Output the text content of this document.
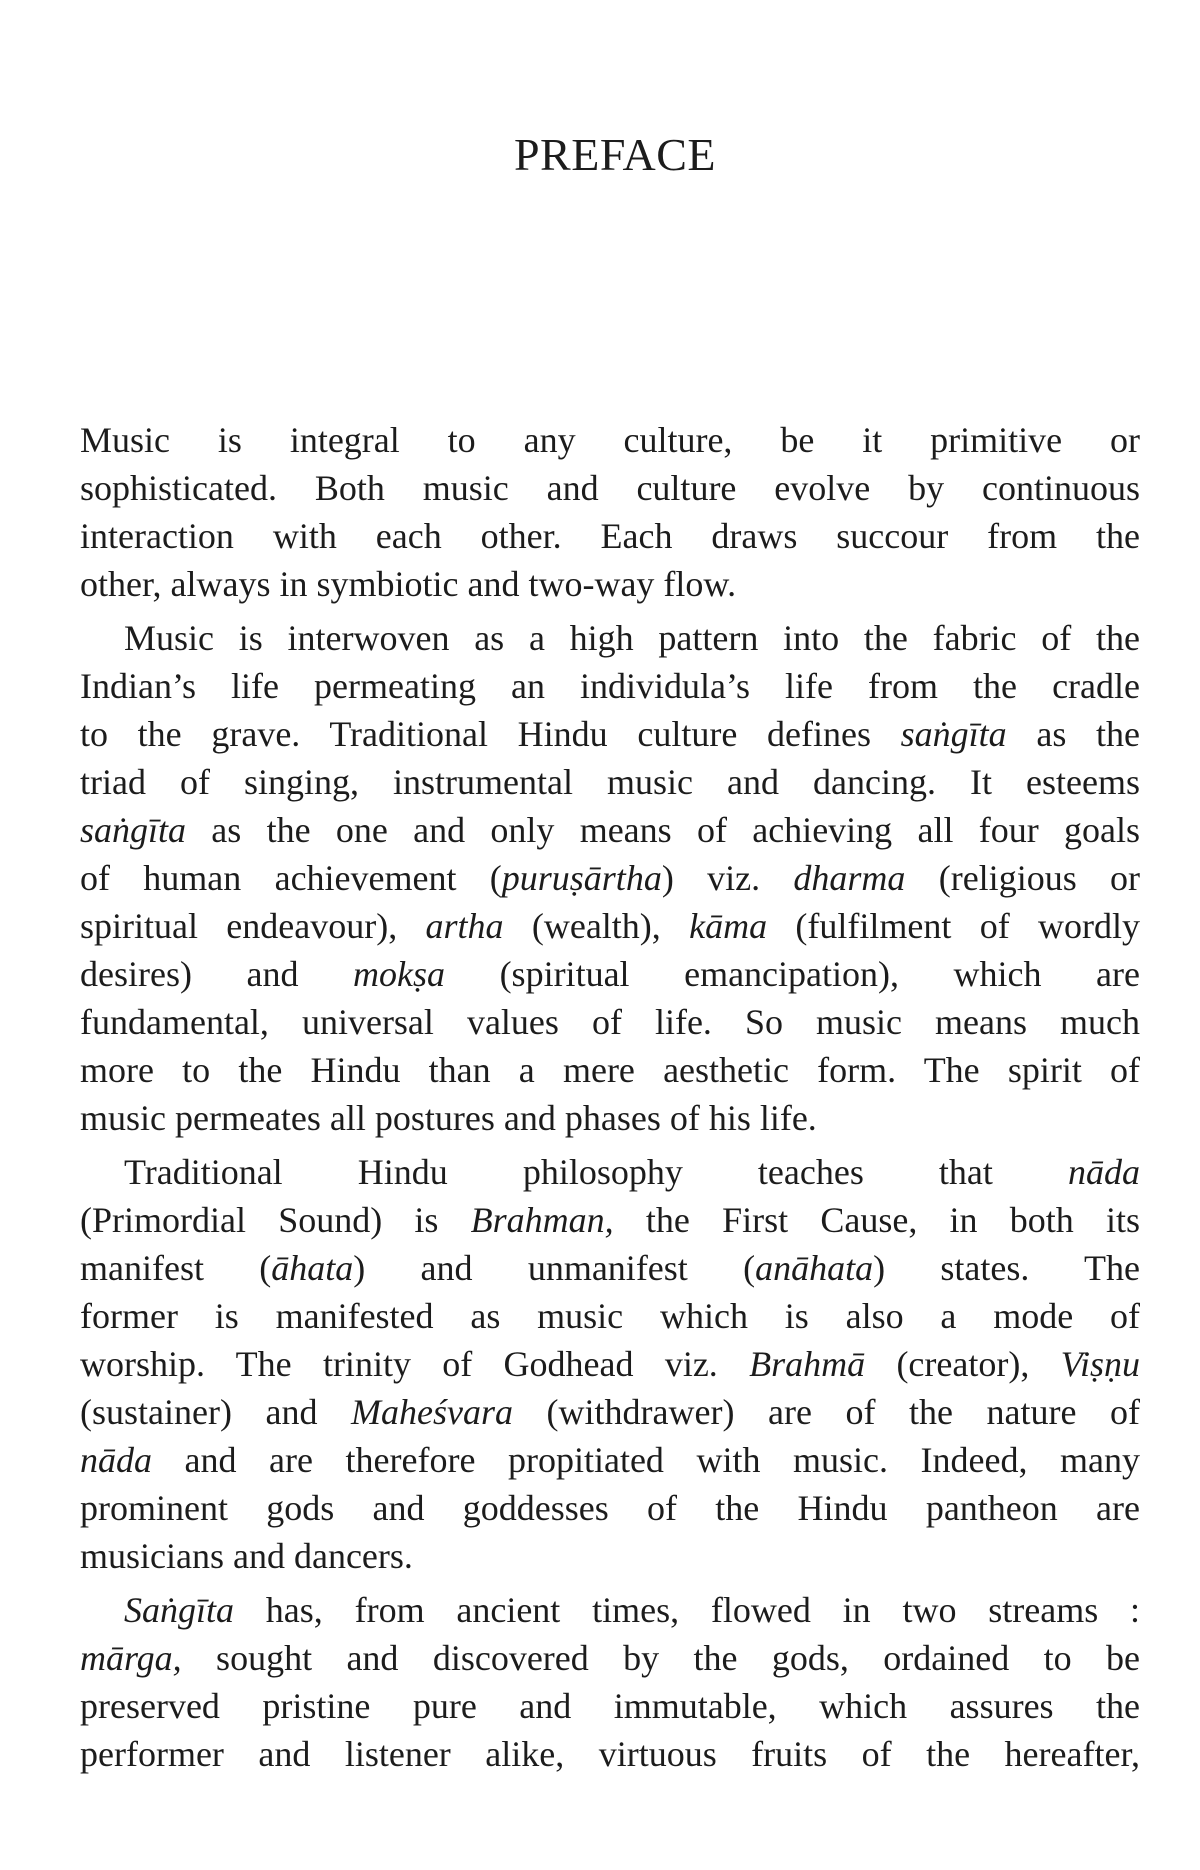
PREFACE

Music is integral to any culture, be it primitive or
sophisticated. Both music and culture evolve by continuous
interaction with each other. Each draws succour from the
other, always in symbiotic and two-way flow.

Music is interwoven as a high pattern into the fabric of the
Indian’s life permeating an individula’s life from the cradle
to the grave. Traditional Hindu culture defines saṅgīta as the
triad of singing, instrumental music and dancing. It esteems
saṅgīta as the one and only means of achieving all four goals
of human achievement (puruṣārtha) viz. dharma (religious or
spiritual endeavour), artha (wealth), kāma (fulfilment of wordly
desires) and mokṣa (spiritual emancipation), which are
fundamental, universal values of life. So music means much
more to the Hindu than a mere aesthetic form. The spirit of
music permeates all postures and phases of his life.

Traditional Hindu philosophy teaches that nāda
(Primordial Sound) is Brahman, the First Cause, in both its
manifest (āhata) and unmanifest (anāhata) states. The
former is manifested as music which is also a mode of
worship. The trinity of Godhead viz. Brahmā (creator), Viṣṇu
(sustainer) and Maheśvara (withdrawer) are of the nature of
nāda and are therefore propitiated with music. Indeed, many
prominent gods and goddesses of the Hindu pantheon are
musicians and dancers.

Saṅgīta has, from ancient times, flowed in two streams :
mārga, sought and discovered by the gods, ordained to be
preserved pristine pure and immutable, which assures the
performer and listener alike, virtuous fruits of the hereafter,
